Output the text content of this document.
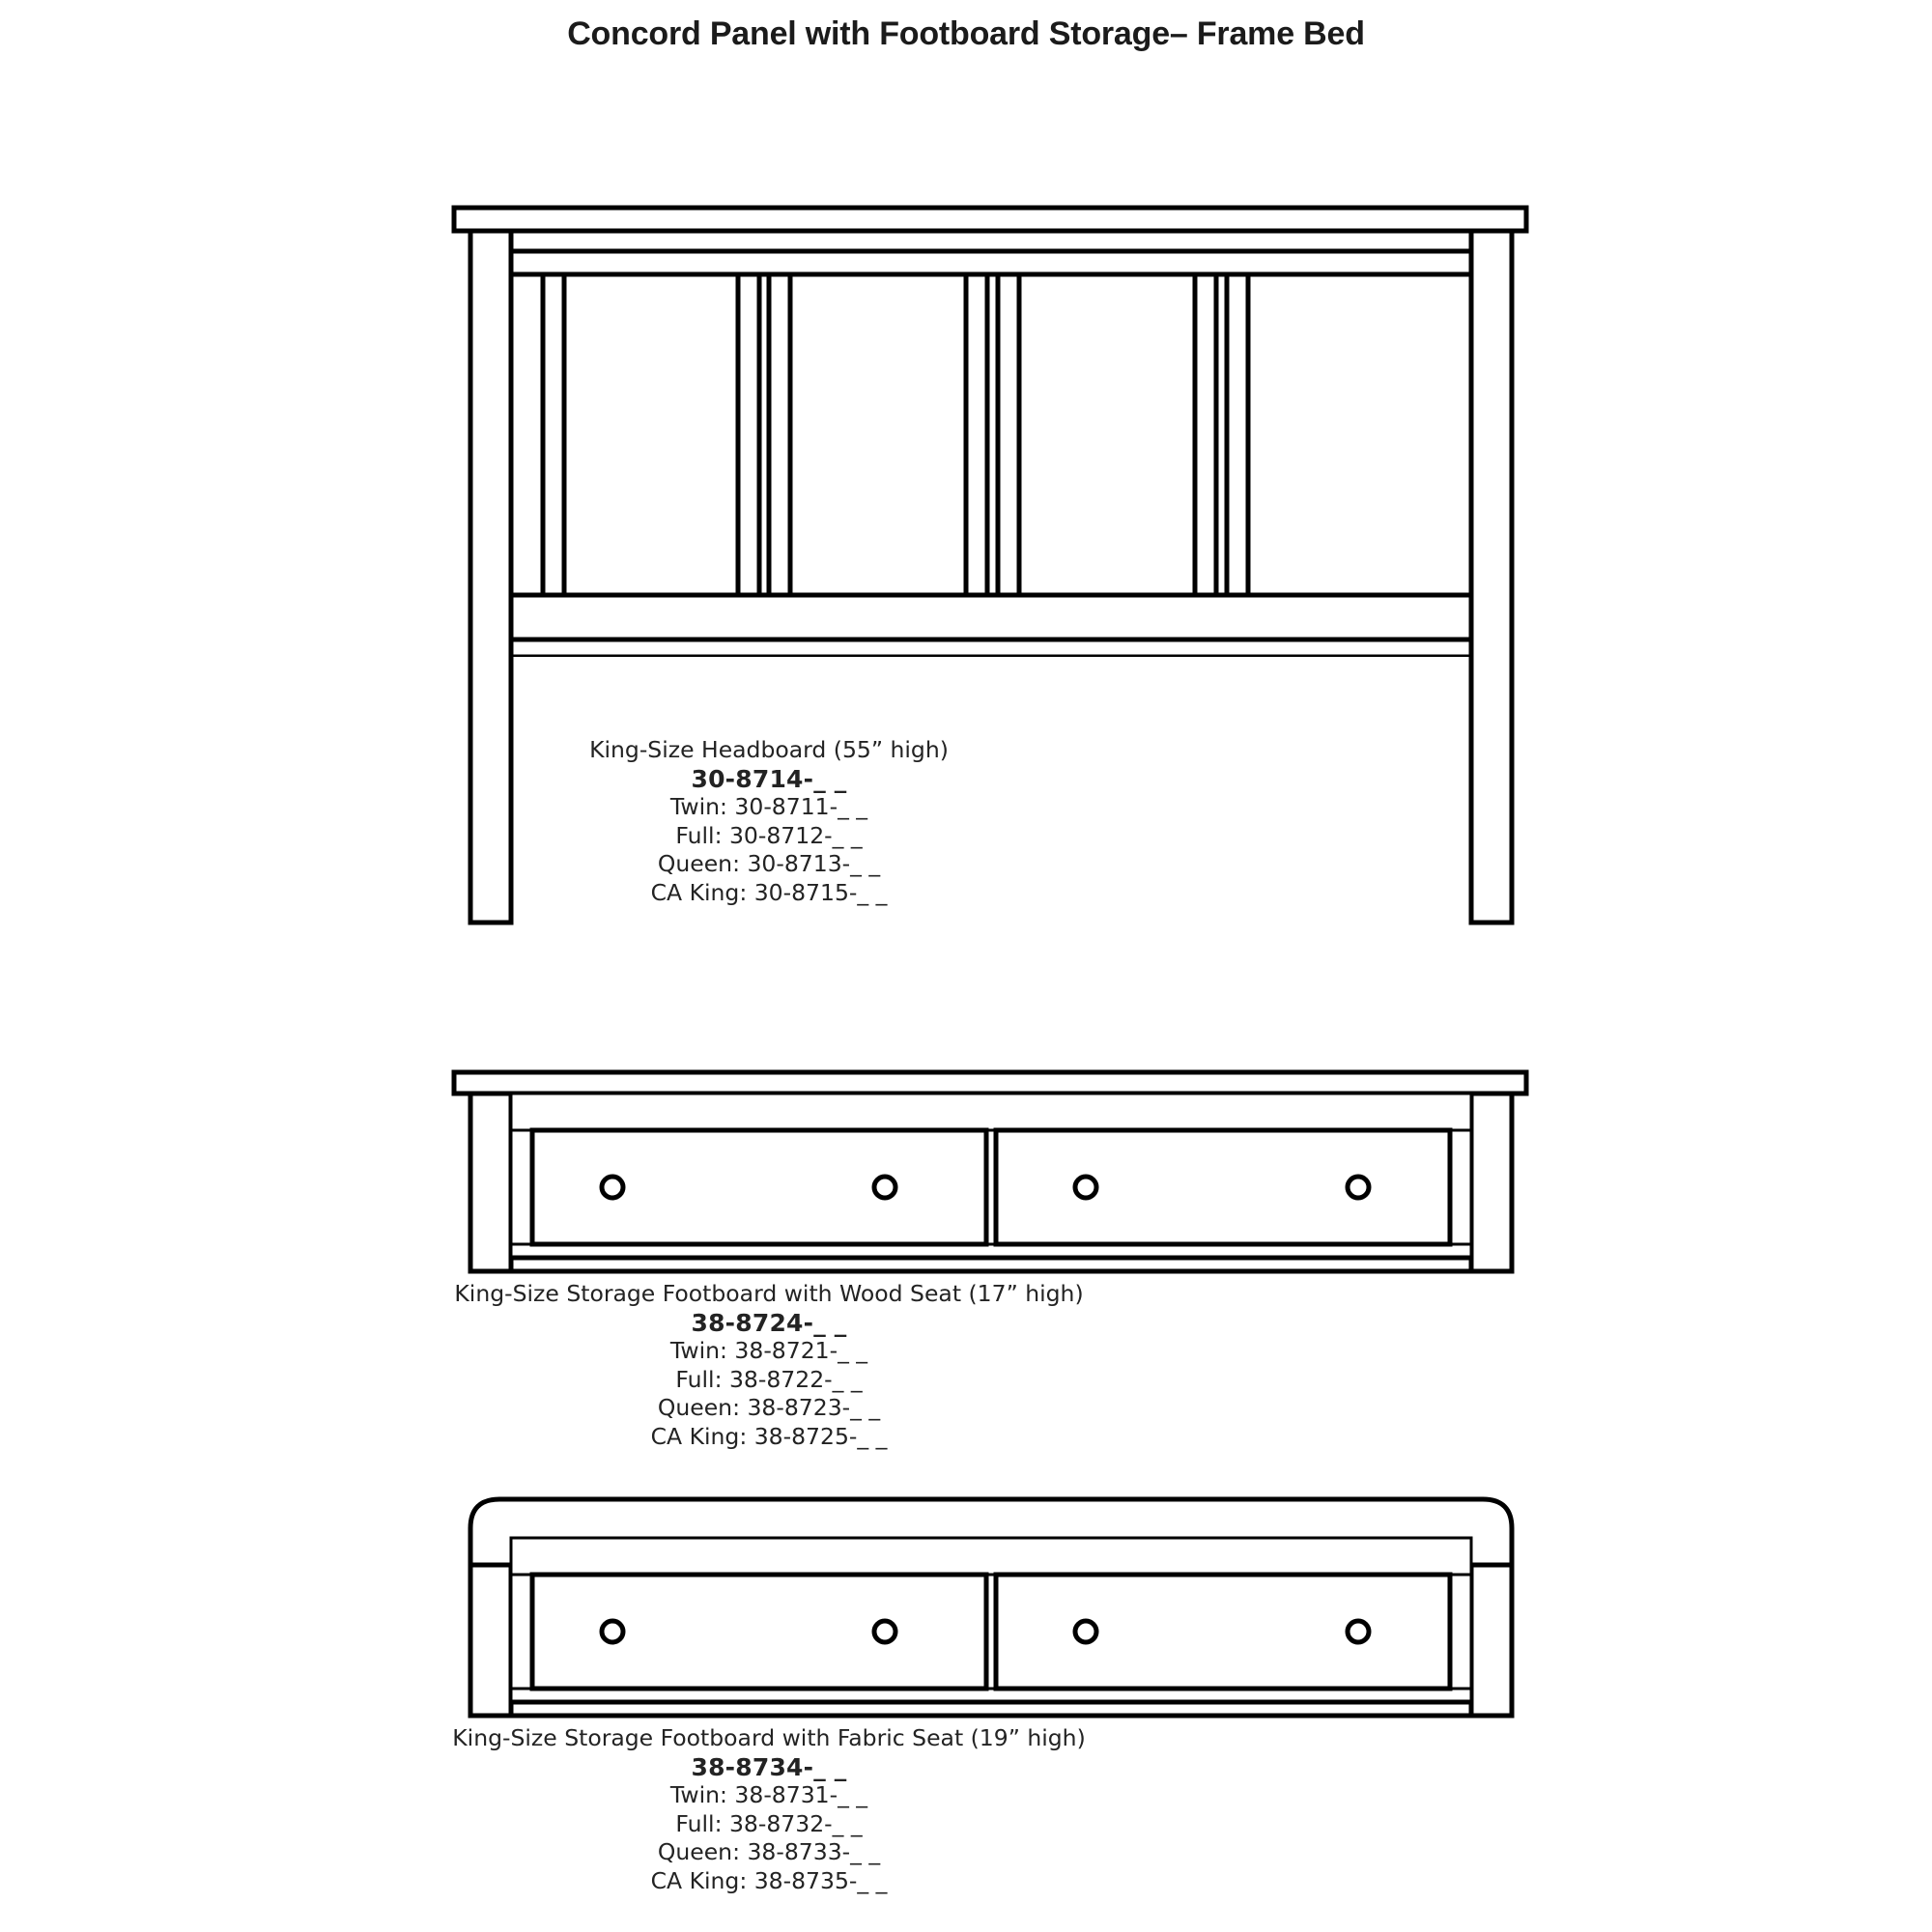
Concord Panel with Footboard Storage– Frame Bed
King-Size Headboard (55” high)
30-8714-_ _
Twin: 30-8711-_ _
Full: 30-8712-_ _
Queen: 30-8713-_ _
CA King: 30-8715-_ _
King-Size Storage Footboard with Wood Seat (17” high)
38-8724-_ _
Twin: 38-8721-_ _
Full: 38-8722-_ _
Queen: 38-8723-_ _
CA King: 38-8725-_ _
King-Size Storage Footboard with Fabric Seat (19” high)
38-8734-_ _
Twin: 38-8731-_ _
Full: 38-8732-_ _
Queen: 38-8733-_ _
CA King: 38-8735-_ _
